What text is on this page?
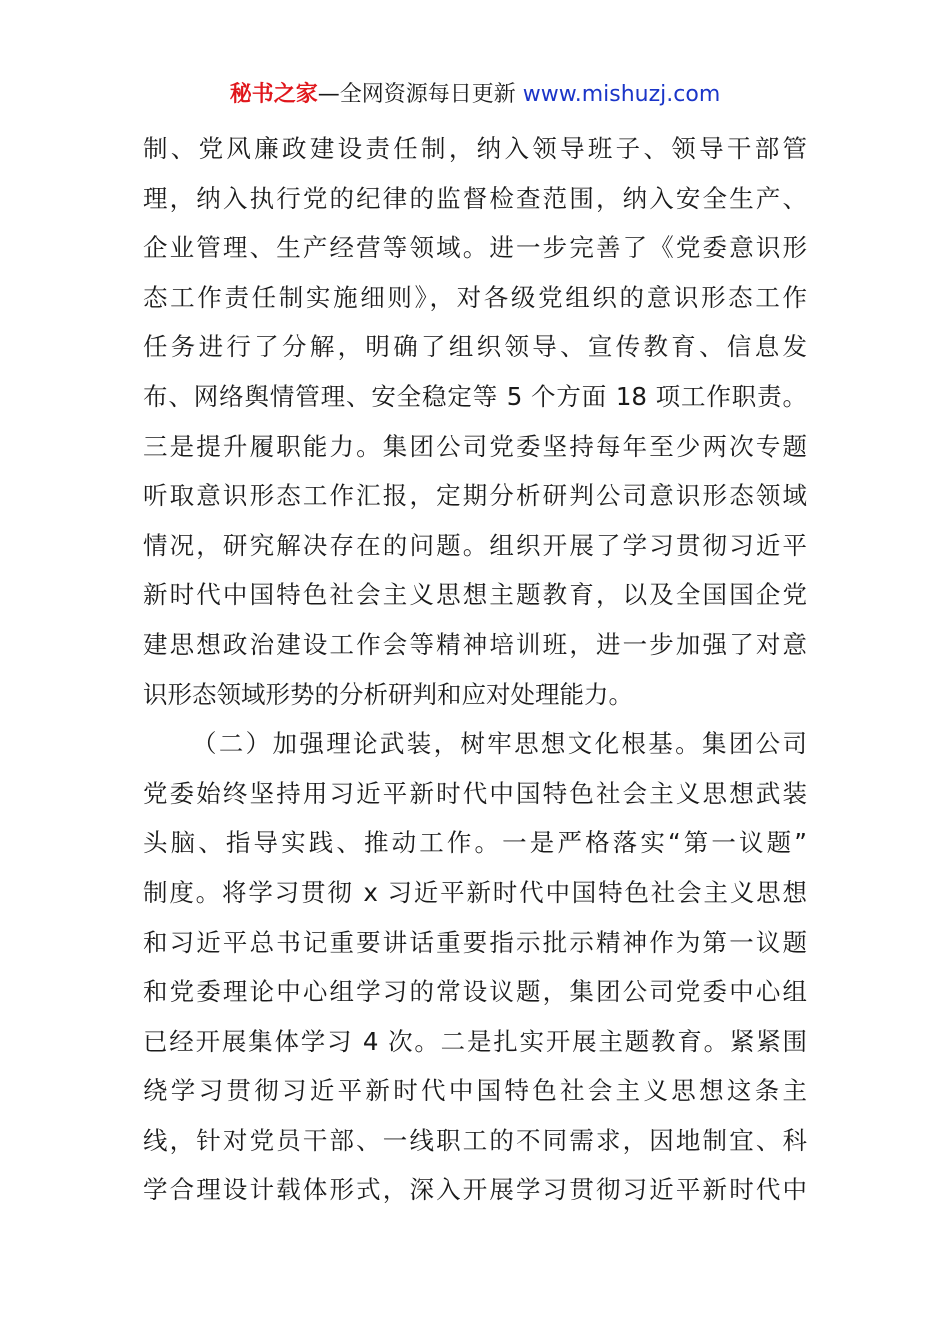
秘书之家—全网资源每日更新 www.mishuzj.com
制、党风廉政建设责任制，纳入领导班子、领导干部管
理，纳入执行党的纪律的监督检查范围，纳入安全生产、
企业管理、生产经营等领域。进一步完善了《党委意识形
态工作责任制实施细则》，对各级党组织的意识形态工作
任务进行了分解，明确了组织领导、宣传教育、信息发
布、网络舆情管理、安全稳定等 5 个方面 18 项工作职责。
三是提升履职能力。集团公司党委坚持每年至少两次专题
听取意识形态工作汇报，定期分析研判公司意识形态领域
情况，研究解决存在的问题。组织开展了学习贯彻习近平
新时代中国特色社会主义思想主题教育，以及全国国企党
建思想政治建设工作会等精神培训班，进一步加强了对意
识形态领域形势的分析研判和应对处理能力。
（二）加强理论武装，树牢思想文化根基。集团公司
党委始终坚持用习近平新时代中国特色社会主义思想武装
头脑、指导实践、推动工作。一是严格落实“第一议题”
制度。将学习贯彻 x 习近平新时代中国特色社会主义思想
和习近平总书记重要讲话重要指示批示精神作为第一议题
和党委理论中心组学习的常设议题，集团公司党委中心组
已经开展集体学习 4 次。二是扎实开展主题教育。紧紧围
绕学习贯彻习近平新时代中国特色社会主义思想这条主
线，针对党员干部、一线职工的不同需求，因地制宜、科
学合理设计载体形式，深入开展学习贯彻习近平新时代中
